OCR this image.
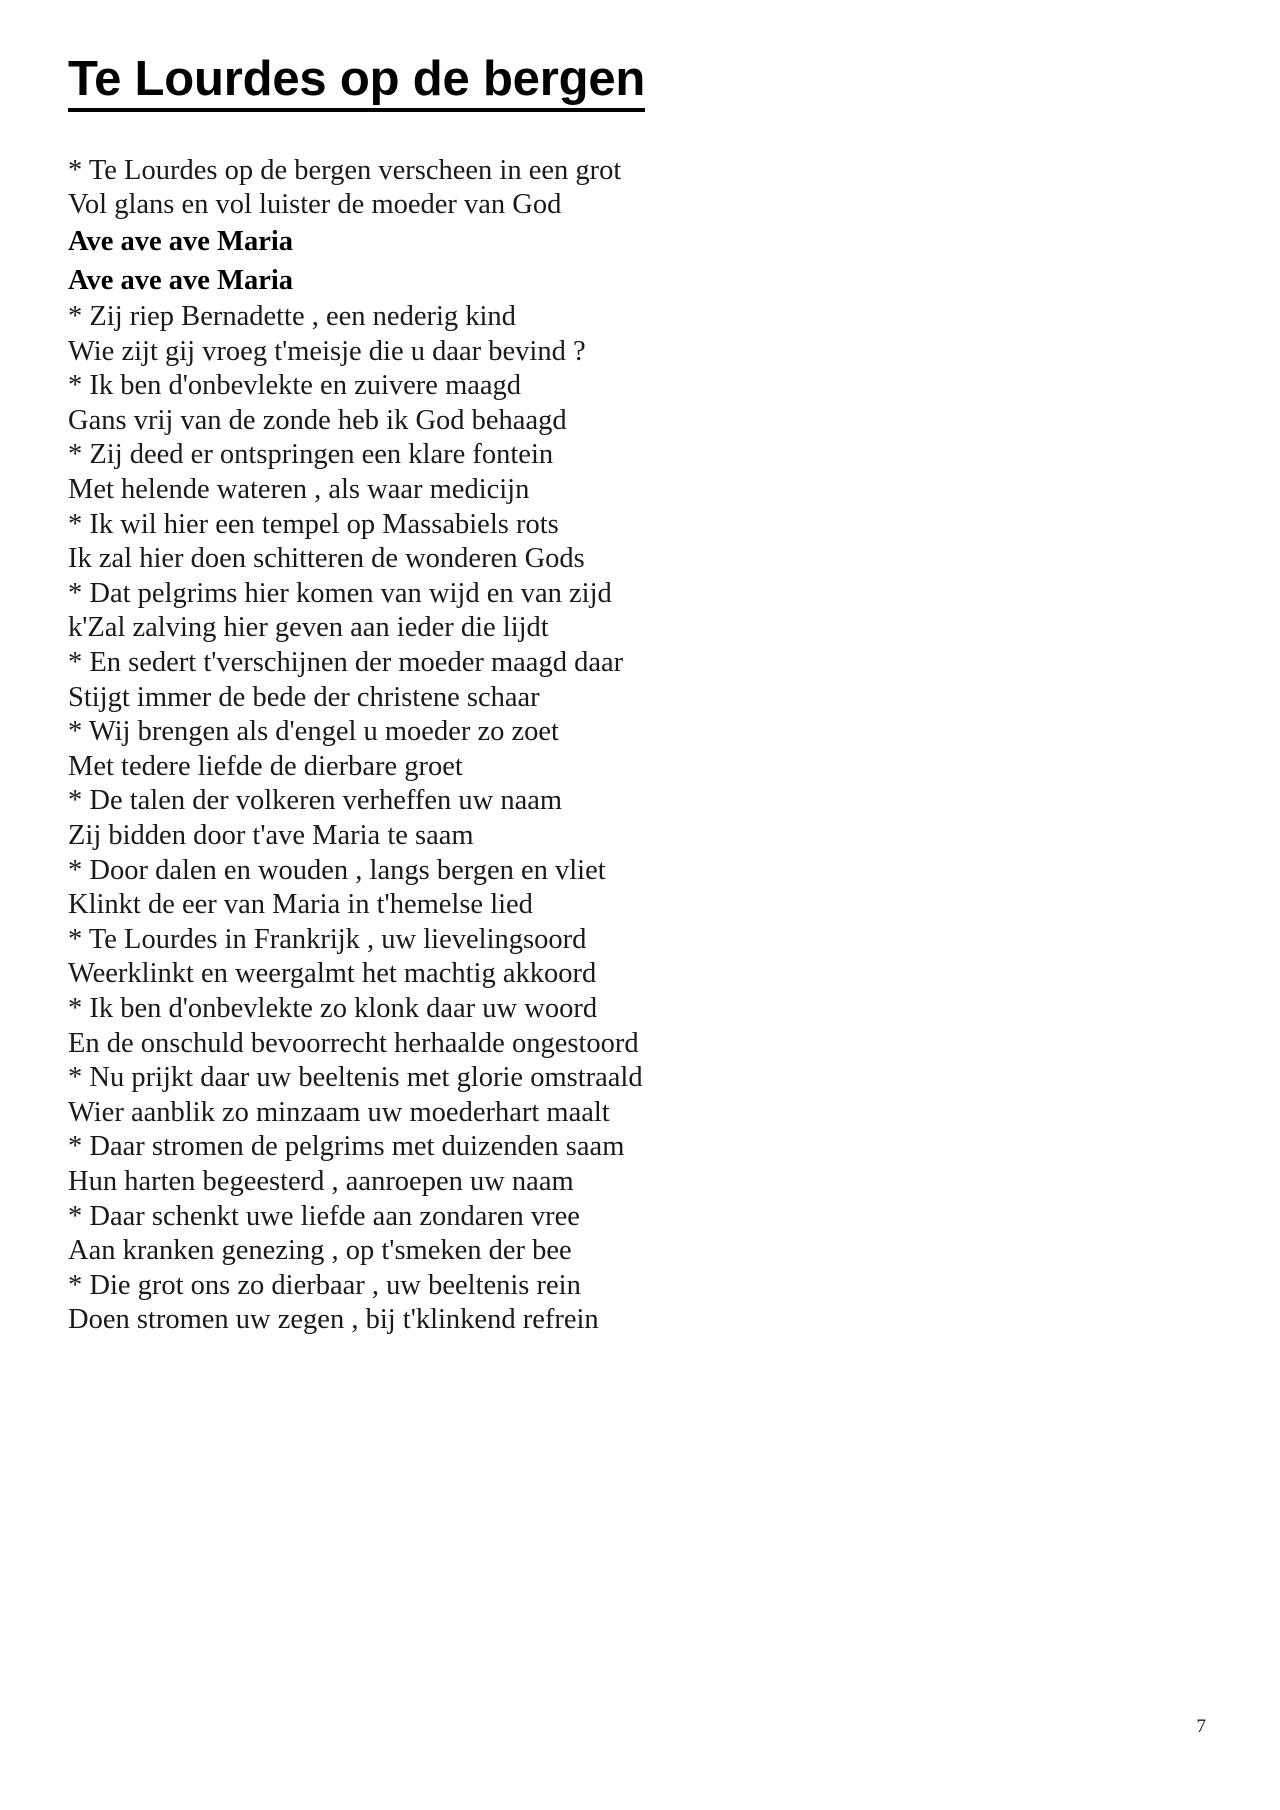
Te Lourdes op de bergen

* Te Lourdes op de bergen verscheen in een grot

Vol glans en vol luister de moeder van God

Ave ave ave Maria

Ave ave ave Maria

* Zij riep Bernadette , een nederig kind

Wie zijt gij vroeg t'meisje die u daar bevind ?

* Ik ben d'onbevlekte en zuivere maagd

Gans vrij van de zonde heb ik God behaagd

* Zij deed er ontspringen een klare fontein

Met helende wateren , als waar medicijn

* Ik wil hier een tempel op Massabiels rots

Ik zal hier doen schitteren de wonderen Gods

* Dat pelgrims hier komen van wijd en van zijd

k'Zal zalving hier geven aan ieder die lijdt

* En sedert t'verschijnen der moeder maagd daar

Stijgt immer de bede der christene schaar

* Wij brengen als d'engel u moeder zo zoet

Met tedere liefde de dierbare groet

* De talen der volkeren verheffen uw naam

Zij bidden door t'ave Maria te saam

* Door dalen en wouden , langs bergen en vliet

Klinkt de eer van Maria in t'hemelse lied

* Te Lourdes in Frankrijk , uw lievelingsoord

Weerklinkt en weergalmt het machtig akkoord

* Ik ben d'onbevlekte zo klonk daar uw woord

En de onschuld bevoorrecht herhaalde ongestoord

* Nu prijkt daar uw beeltenis met glorie omstraald

Wier aanblik zo minzaam uw moederhart maalt

* Daar stromen de pelgrims met duizenden saam

Hun harten begeesterd , aanroepen uw naam

* Daar schenkt uwe liefde aan zondaren vree

Aan kranken genezing , op t'smeken der bee

* Die grot ons zo dierbaar , uw beeltenis rein

Doen stromen uw zegen , bij t'klinkend refrein

7
